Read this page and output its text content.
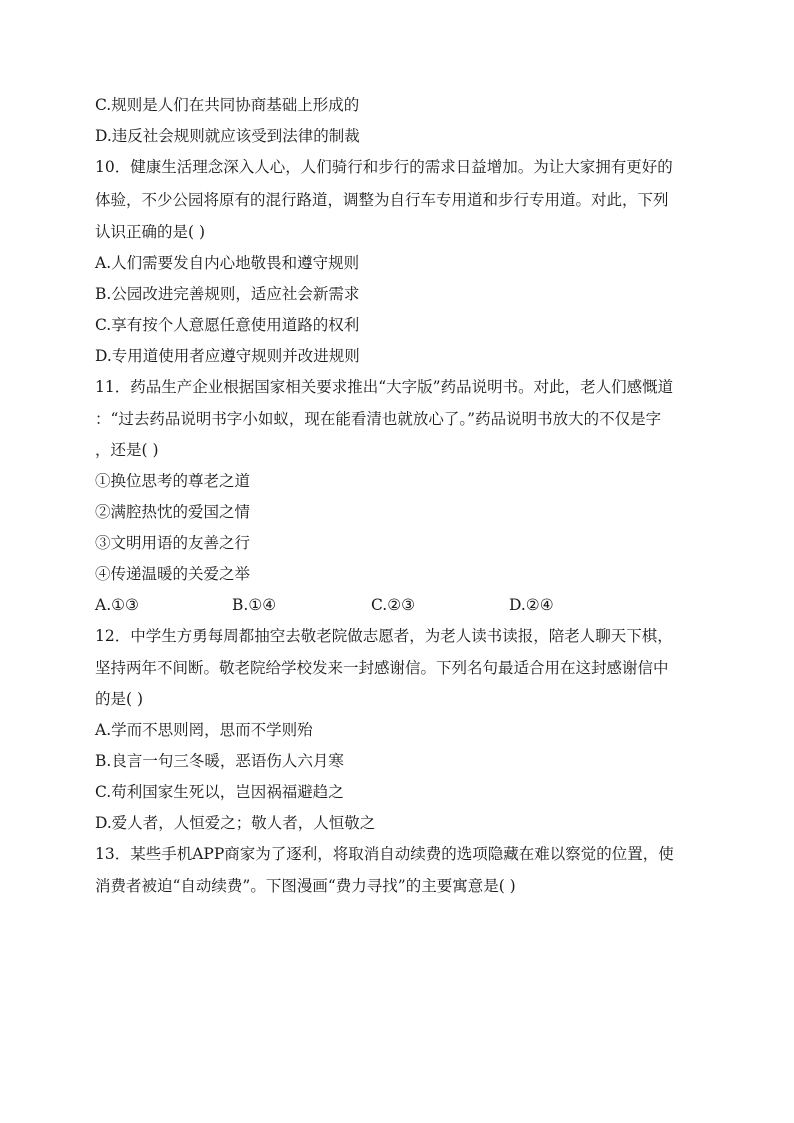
C.规则是人们在共同协商基础上形成的
D.违反社会规则就应该受到法律的制裁
10．健康生活理念深入人心，人们骑行和步行的需求日益增加。为让大家拥有更好的
体验，不少公园将原有的混行路道，调整为自行车专用道和步行专用道。对此，下列
认识正确的是( )
A.人们需要发自内心地敬畏和遵守规则
B.公园改进完善规则，适应社会新需求
C.享有按个人意愿任意使用道路的权利
D.专用道使用者应遵守规则并改进规则
11．药品生产企业根据国家相关要求推出“大字版”药品说明书。对此，老人们感慨道
：“过去药品说明书字小如蚁，现在能看清也就放心了。”药品说明书放大的不仅是字
，还是( )
①换位思考的尊老之道
②满腔热忱的爱国之情
③文明用语的友善之行
④传递温暖的关爱之举
A.①③	B.①④	C.②③	D.②④
12．中学生方勇每周都抽空去敬老院做志愿者，为老人读书读报，陪老人聊天下棋，
坚持两年不间断。敬老院给学校发来一封感谢信。下列名句最适合用在这封感谢信中
的是( )
A.学而不思则罔，思而不学则殆
B.良言一句三冬暖，恶语伤人六月寒
C.苟利国家生死以，岂因祸福避趋之
D.爱人者，人恒爱之；敬人者，人恒敬之
13．某些手机APP商家为了逐利，将取消自动续费的选项隐藏在难以察觉的位置，使
消费者被迫“自动续费”。下图漫画“费力寻找”的主要寓意是( )
